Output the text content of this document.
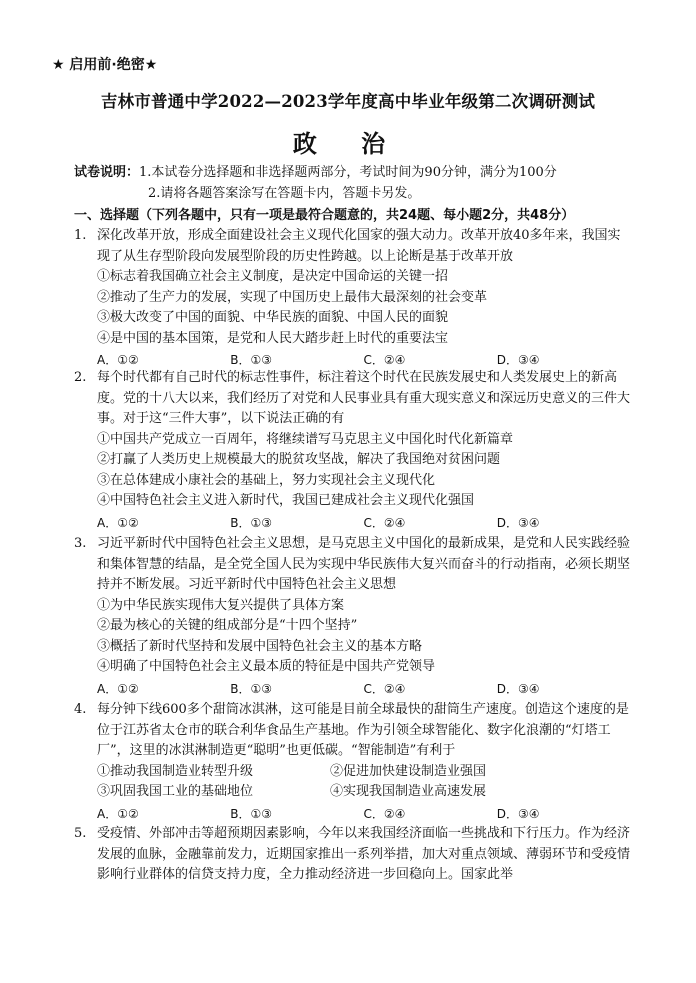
★ 启用前·绝密★
吉林市普通中学2022—2023学年度高中毕业年级第二次调研测试
政 治
试卷说明：1.本试卷分选择题和非选择题两部分，考试时间为90分钟，满分为100分
2.请将各题答案涂写在答题卡内，答题卡另发。
一、选择题（下列各题中，只有一项是最符合题意的，共24题、每小题2分，共48分）
1. 深化改革开放，形成全面建设社会主义现代化国家的强大动力。改革开放40多年来，我国实现了从生存型阶段向发展型阶段的历史性跨越。以上论断是基于改革开放
①标志着我国确立社会主义制度，是决定中国命运的关键一招
②推动了生产力的发展，实现了中国历史上最伟大最深刻的社会变革
③极大改变了中国的面貌、中华民族的面貌、中国人民的面貌
④是中国的基本国策，是党和人民大踏步赶上时代的重要法宝
A．①②	B．①③	C．②④	D．③④
2. 每个时代都有自己时代的标志性事件，标注着这个时代在民族发展史和人类发展史上的新高度。党的十八大以来，我们经历了对党和人民事业具有重大现实意义和深远历史意义的三件大事。对于这“三件大事”，以下说法正确的有
①中国共产党成立一百周年，将继续谱写马克思主义中国化时代化新篇章
②打赢了人类历史上规模最大的脱贫攻坚战，解决了我国绝对贫困问题
③在总体建成小康社会的基础上，努力实现社会主义现代化
④中国特色社会主义进入新时代，我国已建成社会主义现代化强国
A．①②	B．①③	C．②④	D．③④
3. 习近平新时代中国特色社会主义思想，是马克思主义中国化的最新成果，是党和人民实践经验和集体智慧的结晶，是全党全国人民为实现中华民族伟大复兴而奋斗的行动指南，必须长期坚持并不断发展。习近平新时代中国特色社会主义思想
①为中华民族实现伟大复兴提供了具体方案
②最为核心的关键的组成部分是“十四个坚持”
③概括了新时代坚持和发展中国特色社会主义的基本方略
④明确了中国特色社会主义最本质的特征是中国共产党领导
A．①②	B．①③	C．②④	D．③④
4. 每分钟下线600多个甜筒冰淇淋，这可能是目前全球最快的甜筒生产速度。创造这个速度的是位于江苏省太仓市的联合利华食品生产基地。作为引领全球智能化、数字化浪潮的“灯塔工厂”，这里的冰淇淋制造更“聪明”也更低碳。“智能制造”有利于
①推动我国制造业转型升级	②促进加快建设制造业强国
③巩固我国工业的基础地位	④实现我国制造业高速发展
A．①②	B．①③	C．②④	D．③④
5. 受疫情、外部冲击等超预期因素影响，今年以来我国经济面临一些挑战和下行压力。作为经济发展的血脉，金融靠前发力，近期国家推出一系列举措，加大对重点领域、薄弱环节和受疫情影响行业群体的信贷支持力度，全力推动经济进一步回稳向上。国家此举
